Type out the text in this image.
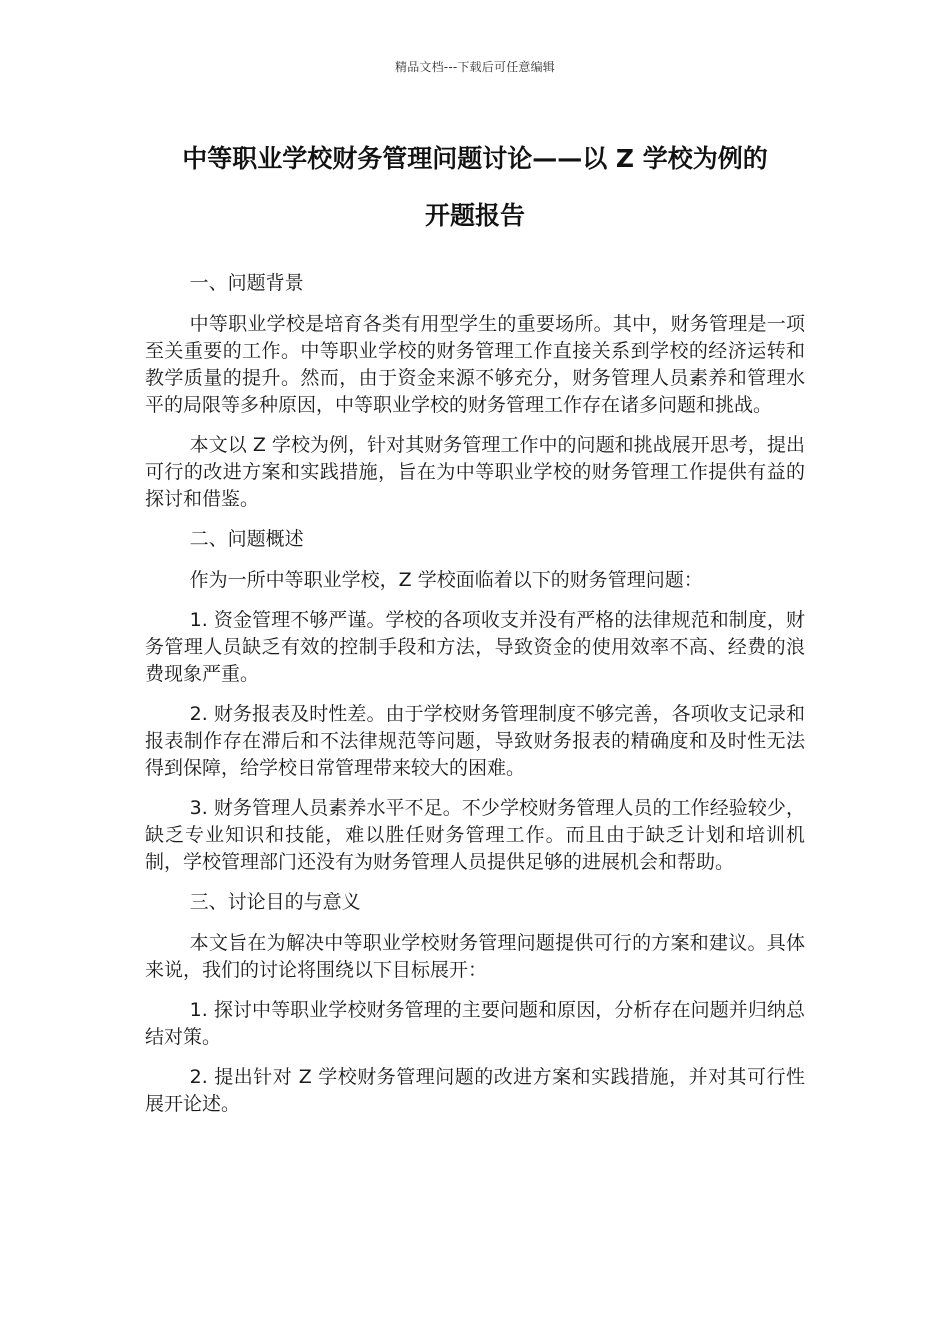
精品文档---下载后可任意编辑
中等职业学校财务管理问题讨论——以 Z 学校为例的
开题报告

一、问题背景

中等职业学校是培育各类有用型学生的重要场所。其中，财务管理是一项至关重要的工作。中等职业学校的财务管理工作直接关系到学校的经济运转和教学质量的提升。然而，由于资金来源不够充分，财务管理人员素养和管理水平的局限等多种原因，中等职业学校的财务管理工作存在诸多问题和挑战。

本文以 Z 学校为例，针对其财务管理工作中的问题和挑战展开思考，提出可行的改进方案和实践措施，旨在为中等职业学校的财务管理工作提供有益的探讨和借鉴。

二、问题概述

作为一所中等职业学校，Z 学校面临着以下的财务管理问题：

1. 资金管理不够严谨。学校的各项收支并没有严格的法律规范和制度，财务管理人员缺乏有效的控制手段和方法，导致资金的使用效率不高、经费的浪费现象严重。

2. 财务报表及时性差。由于学校财务管理制度不够完善，各项收支记录和报表制作存在滞后和不法律规范等问题，导致财务报表的精确度和及时性无法得到保障，给学校日常管理带来较大的困难。

3. 财务管理人员素养水平不足。不少学校财务管理人员的工作经验较少，缺乏专业知识和技能，难以胜任财务管理工作。而且由于缺乏计划和培训机制，学校管理部门还没有为财务管理人员提供足够的进展机会和帮助。

三、讨论目的与意义

本文旨在为解决中等职业学校财务管理问题提供可行的方案和建议。具体来说，我们的讨论将围绕以下目标展开：

1. 探讨中等职业学校财务管理的主要问题和原因，分析存在问题并归纳总结对策。

2. 提出针对 Z 学校财务管理问题的改进方案和实践措施，并对其可行性展开论述。
